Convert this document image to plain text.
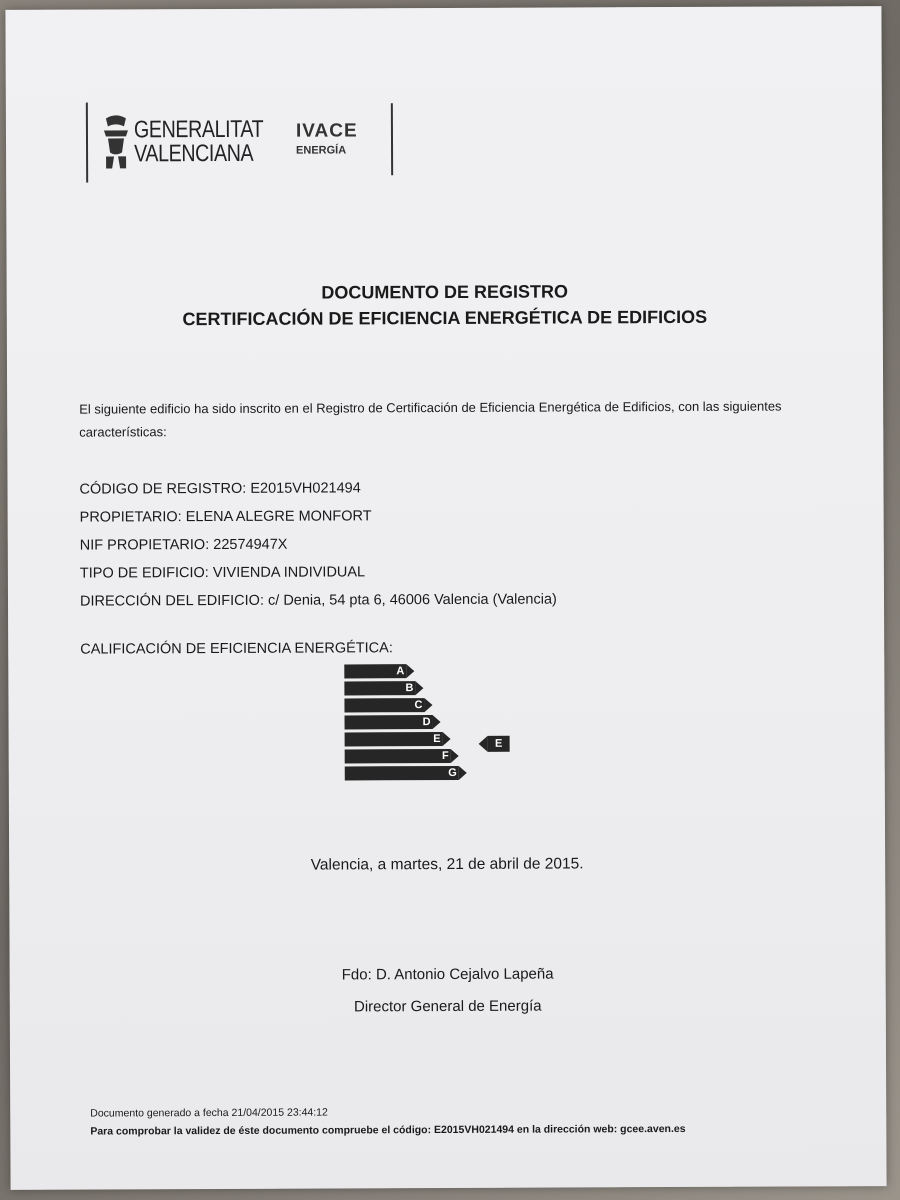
GENERALITAT
VALENCIANA
IVACE
ENERGÍA
DOCUMENTO DE REGISTRO
CERTIFICACIÓN DE EFICIENCIA ENERGÉTICA DE EDIFICIOS
El siguiente edificio ha sido inscrito en el Registro de Certificación de Eficiencia Energética de Edificios, con las siguientes características:
CÓDIGO DE REGISTRO: E2015VH021494
PROPIETARIO: ELENA ALEGRE MONFORT
NIF PROPIETARIO: 22574947X
TIPO DE EDIFICIO: VIVIENDA INDIVIDUAL
DIRECCIÓN DEL EDIFICIO: c/ Denia, 54 pta 6, 46006 Valencia (Valencia)
CALIFICACIÓN DE EFICIENCIA ENERGÉTICA:
A
B
C
D
E
F
G
E
Valencia, a martes, 21 de abril de 2015.
Fdo: D. Antonio Cejalvo Lapeña
Director General de Energía
Documento generado a fecha 21/04/2015 23:44:12
Para comprobar la validez de éste documento compruebe el código: E2015VH021494 en la dirección web: gcee.aven.es
